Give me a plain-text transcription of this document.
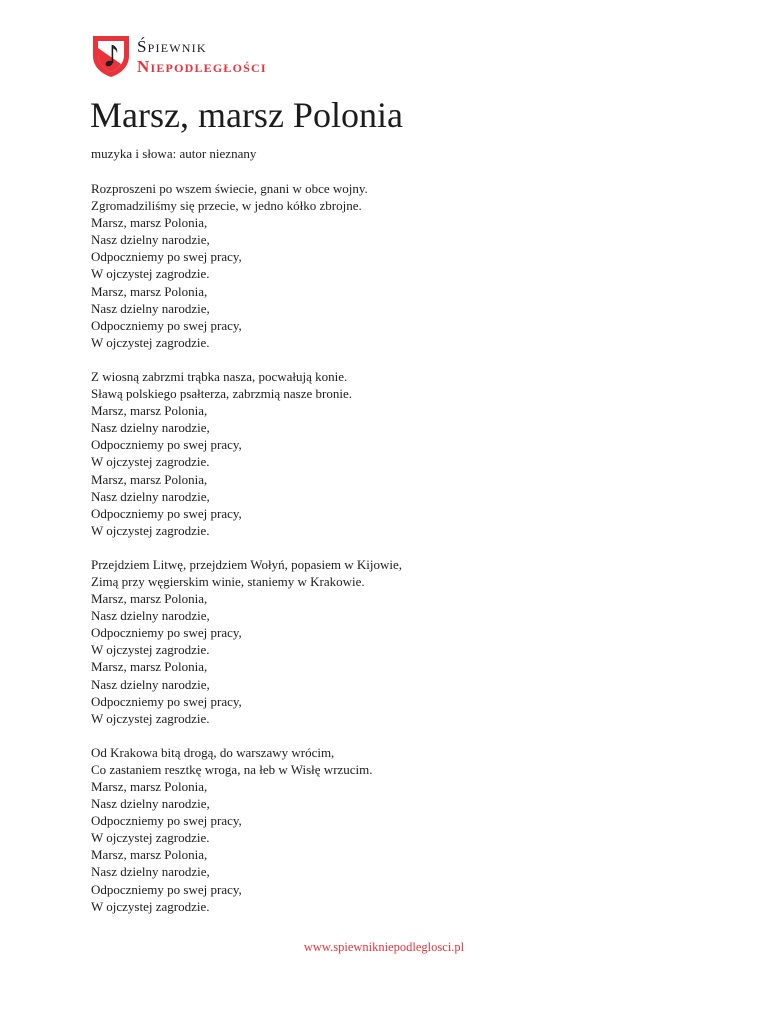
Śpiewnik
Niepodległości
Marsz, marsz Polonia
muzyka i słowa: autor nieznany
Rozproszeni po wszem świecie, gnani w obce wojny.
Zgromadziliśmy się przecie, w jedno kółko zbrojne.
Marsz, marsz Polonia,
Nasz dzielny narodzie,
Odpoczniemy po swej pracy,
W ojczystej zagrodzie.
Marsz, marsz Polonia,
Nasz dzielny narodzie,
Odpoczniemy po swej pracy,
W ojczystej zagrodzie.
Z wiosną zabrzmi trąbka nasza, pocwałują konie.
Sławą polskiego psałterza, zabrzmią nasze bronie.
Marsz, marsz Polonia,
Nasz dzielny narodzie,
Odpoczniemy po swej pracy,
W ojczystej zagrodzie.
Marsz, marsz Polonia,
Nasz dzielny narodzie,
Odpoczniemy po swej pracy,
W ojczystej zagrodzie.
Przejdziem Litwę, przejdziem Wołyń, popasiem w Kijowie,
Zimą przy węgierskim winie, staniemy w Krakowie.
Marsz, marsz Polonia,
Nasz dzielny narodzie,
Odpoczniemy po swej pracy,
W ojczystej zagrodzie.
Marsz, marsz Polonia,
Nasz dzielny narodzie,
Odpoczniemy po swej pracy,
W ojczystej zagrodzie.
Od Krakowa bitą drogą, do warszawy wrócim,
Co zastaniem resztkę wroga, na łeb w Wisłę wrzucim.
Marsz, marsz Polonia,
Nasz dzielny narodzie,
Odpoczniemy po swej pracy,
W ojczystej zagrodzie.
Marsz, marsz Polonia,
Nasz dzielny narodzie,
Odpoczniemy po swej pracy,
W ojczystej zagrodzie.
www.spiewnikniepodleglosci.pl
